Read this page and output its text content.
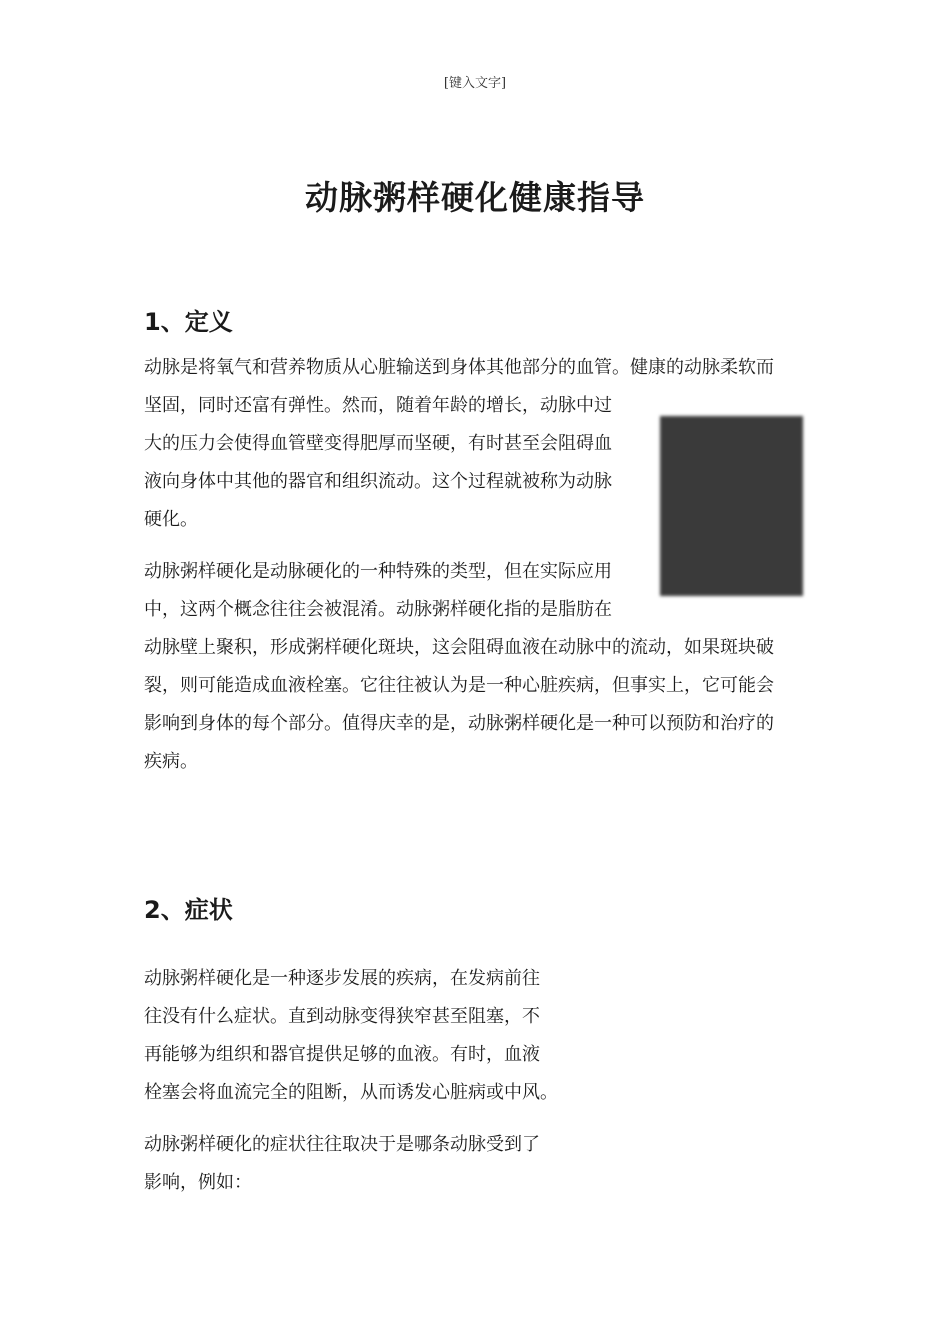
[键入文字]
动脉粥样硬化健康指导
1、定义

动脉是将氧气和营养物质从心脏输送到身体其他部分的血管。健康的动脉柔软而

坚固，同时还富有弹性。然而，随着年龄的增长，动脉中过

大的压力会使得血管壁变得肥厚而坚硬，有时甚至会阻碍血

液向身体中其他的器官和组织流动。这个过程就被称为动脉

硬化。

动脉粥样硬化是动脉硬化的一种特殊的类型，但在实际应用

中，这两个概念往往会被混淆。动脉粥样硬化指的是脂肪在

动脉壁上聚积，形成粥样硬化斑块，这会阻碍血液在动脉中的流动，如果斑块破

裂，则可能造成血液栓塞。它往往被认为是一种心脏疾病，但事实上，它可能会

影响到身体的每个部分。值得庆幸的是，动脉粥样硬化是一种可以预防和治疗的

疾病。

2、症状

动脉粥样硬化是一种逐步发展的疾病，在发病前往

往没有什么症状。直到动脉变得狭窄甚至阻塞，不

再能够为组织和器官提供足够的血液。有时，血液

栓塞会将血流完全的阻断，从而诱发心脏病或中风。

动脉粥样硬化的症状往往取决于是哪条动脉受到了

影响，例如：
